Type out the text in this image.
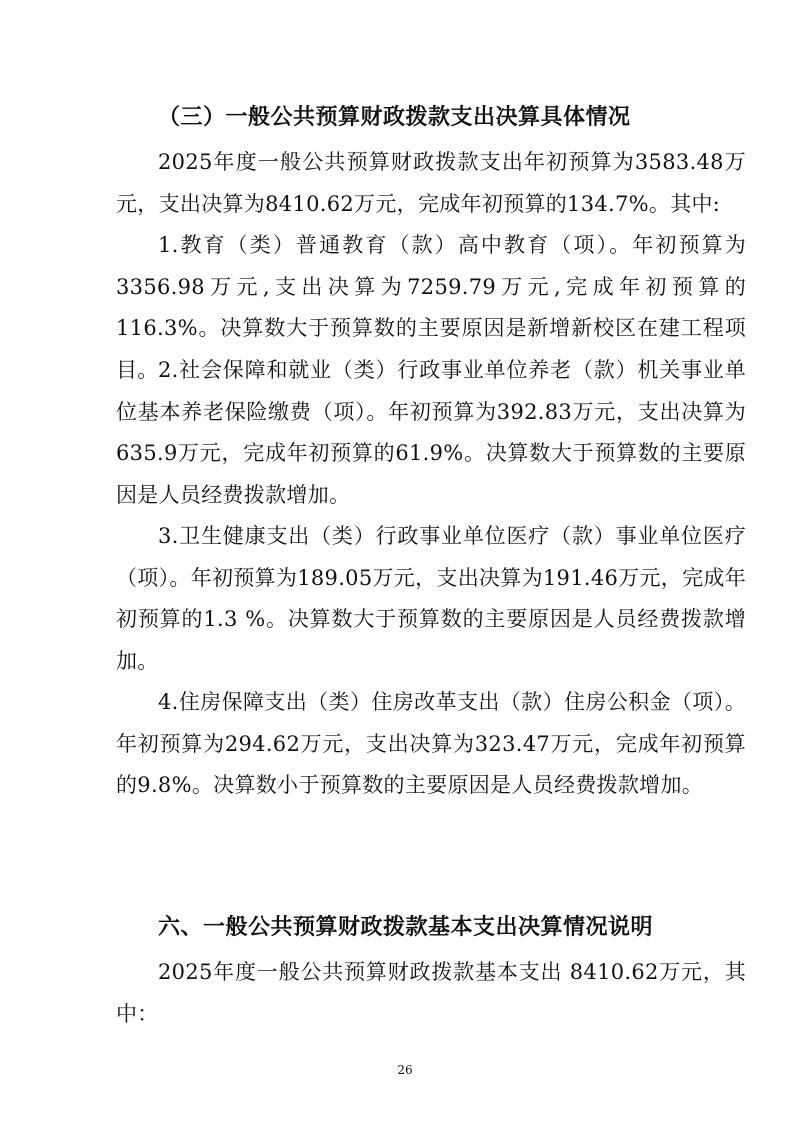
（三）一般公共预算财政拨款支出决算具体情况
2025年度一般公共预算财政拨款支出年初预算为3583.48万元，支出决算为8410.62万元，完成年初预算的134.7%。其中:
1.教育（类）普通教育（款）高中教育（项）。年初预算为3356.98万元,支出决算为7259.79万元,完成年初预算的116.3%。决算数大于预算数的主要原因是新增新校区在建工程项目。 2.社会保障和就业（类）行政事业单位养老（款）机关事业单位基本养老保险缴费（项）。年初预算为392.83万元，支出决算为635.9万元，完成年初预算的61.9%。决算数大于预算数的主要原因是人员经费拨款增加。
3.卫生健康支出（类）行政事业单位医疗（款）事业单位医疗（项）。年初预算为189.05万元，支出决算为191.46万元，完成年初预算的1.3 %。决算数大于预算数的主要原因是人员经费拨款增加。
4.住房保障支出（类）住房改革支出（款）住房公积金（项）。年初预算为294.62万元，支出决算为323.47万元，完成年初预算的9.8%。决算数小于预算数的主要原因是人员经费拨款增加。
六、一般公共预算财政拨款基本支出决算情况说明
2025年度一般公共预算财政拨款基本支出 8410.62万元，其中：
26
